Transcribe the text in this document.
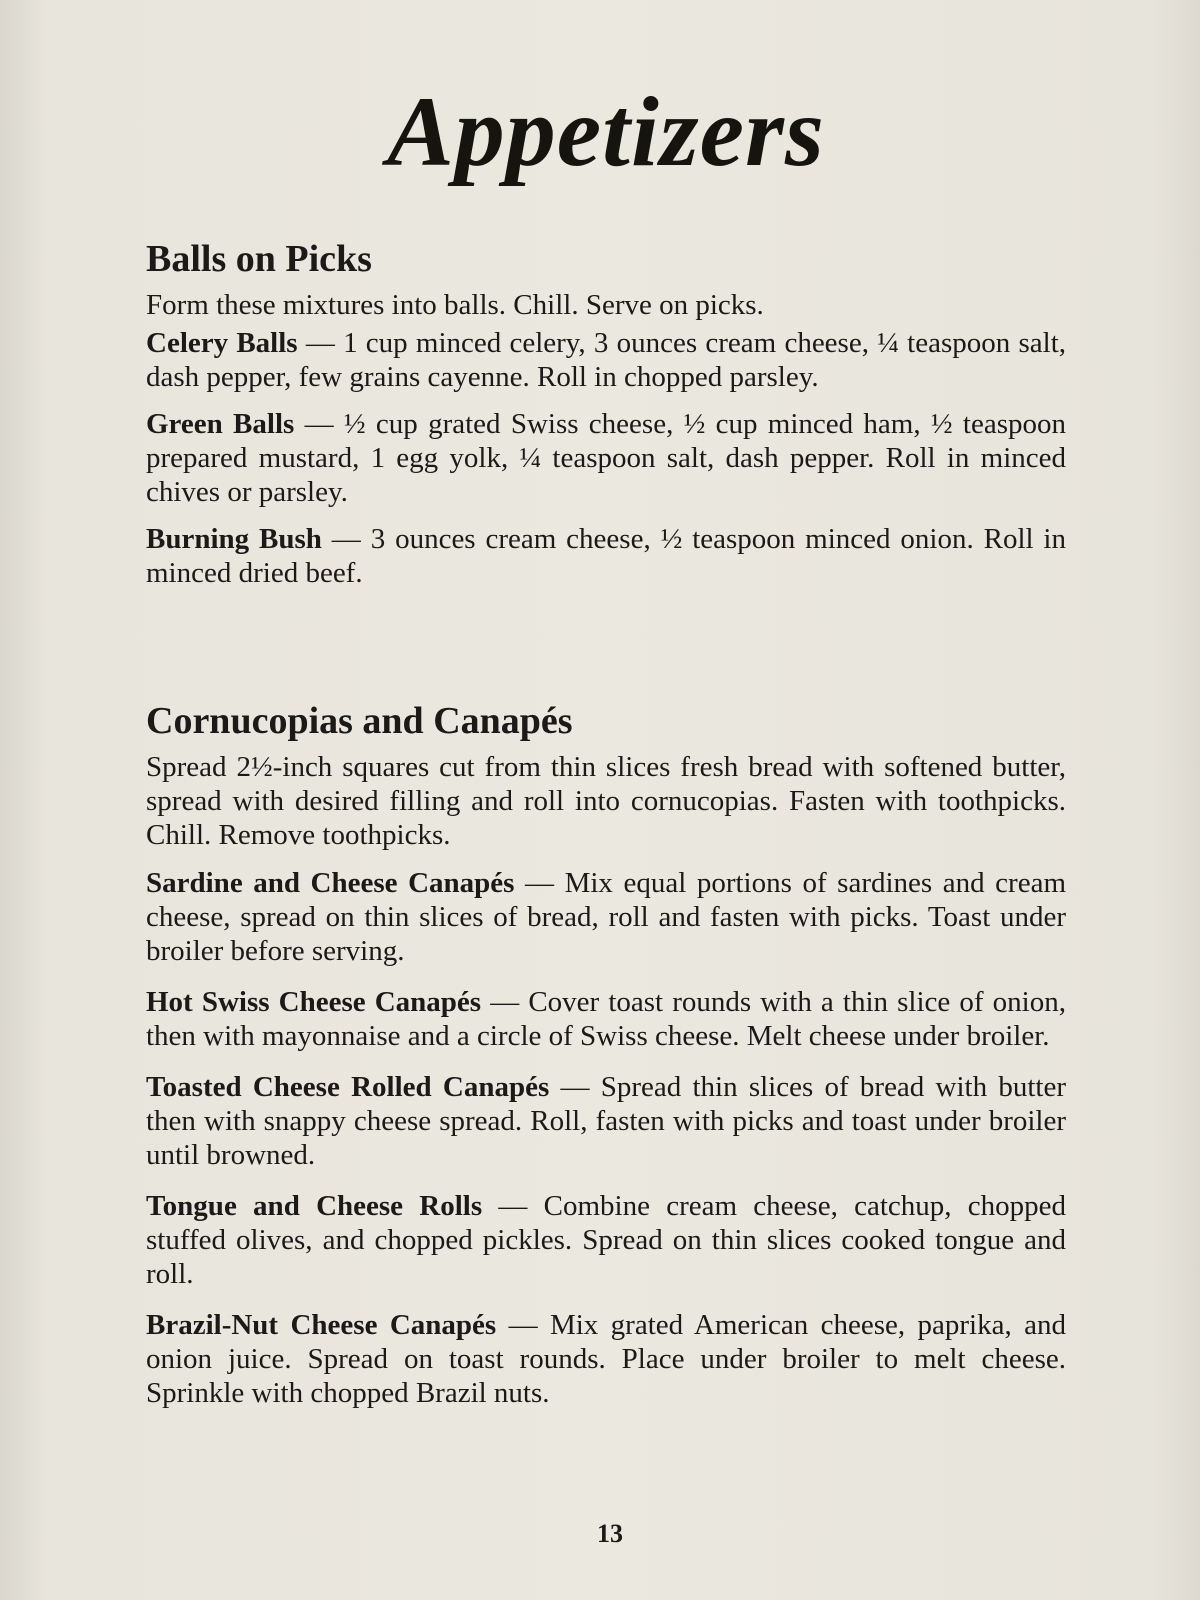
Appetizers
Balls on Picks

Form these mixtures into balls. Chill. Serve on picks.

Celery Balls — 1 cup minced celery, 3 ounces cream cheese, ¼ teaspoon salt, dash pepper, few grains cayenne. Roll in chopped parsley.

Green Balls — ½ cup grated Swiss cheese, ½ cup minced ham, ½ teaspoon prepared mustard, 1 egg yolk, ¼ teaspoon salt, dash pepper. Roll in minced chives or parsley.

Burning Bush — 3 ounces cream cheese, ½ teaspoon minced onion. Roll in minced dried beef.

Cornucopias and Canapés

Spread 2½-inch squares cut from thin slices fresh bread with softened butter, spread with desired filling and roll into cornucopias. Fasten with toothpicks. Chill. Remove toothpicks.

Sardine and Cheese Canapés — Mix equal portions of sardines and cream cheese, spread on thin slices of bread, roll and fasten with picks. Toast under broiler before serving.

Hot Swiss Cheese Canapés — Cover toast rounds with a thin slice of onion, then with mayonnaise and a circle of Swiss cheese. Melt cheese under broiler.

Toasted Cheese Rolled Canapés — Spread thin slices of bread with butter then with snappy cheese spread. Roll, fasten with picks and toast under broiler until browned.

Tongue and Cheese Rolls — Combine cream cheese, catchup, chopped stuffed olives, and chopped pickles. Spread on thin slices cooked tongue and roll.

Brazil-Nut Cheese Canapés — Mix grated American cheese, paprika, and onion juice. Spread on toast rounds. Place under broiler to melt cheese. Sprinkle with chopped Brazil nuts.

13
